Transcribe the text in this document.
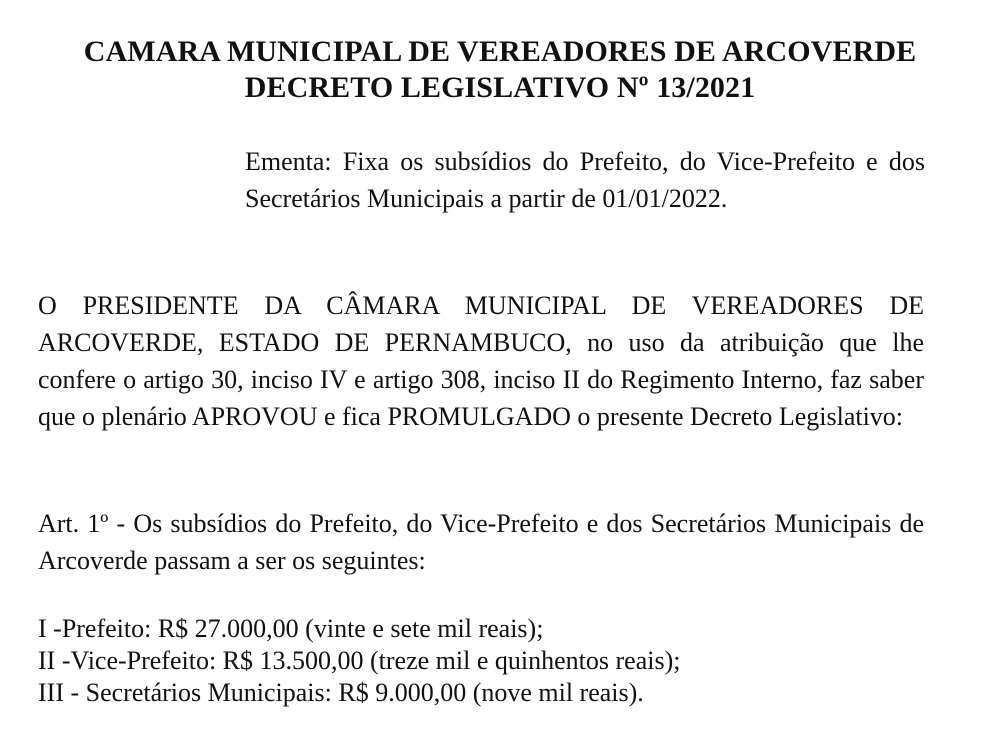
CAMARA MUNICIPAL DE VEREADORES DE ARCOVERDE
DECRETO LEGISLATIVO Nº 13/2021
Ementa: Fixa os subsídios do Prefeito, do Vice-Prefeito e dos Secretários Municipais a partir de 01/01/2022.
O PRESIDENTE DA CÂMARA MUNICIPAL DE VEREADORES DE ARCOVERDE, ESTADO DE PERNAMBUCO, no uso da atribuição que lhe confere o artigo 30, inciso IV e artigo 308, inciso II do Regimento Interno, faz saber que o plenário APROVOU e fica PROMULGADO o presente Decreto Legislativo:
Art. 1º - Os subsídios do Prefeito, do Vice-Prefeito e dos Secretários Municipais de Arcoverde passam a ser os seguintes:
I -Prefeito: R$ 27.000,00 (vinte e sete mil reais);
II -Vice-Prefeito: R$ 13.500,00 (treze mil e quinhentos reais);
III - Secretários Municipais: R$ 9.000,00 (nove mil reais).
